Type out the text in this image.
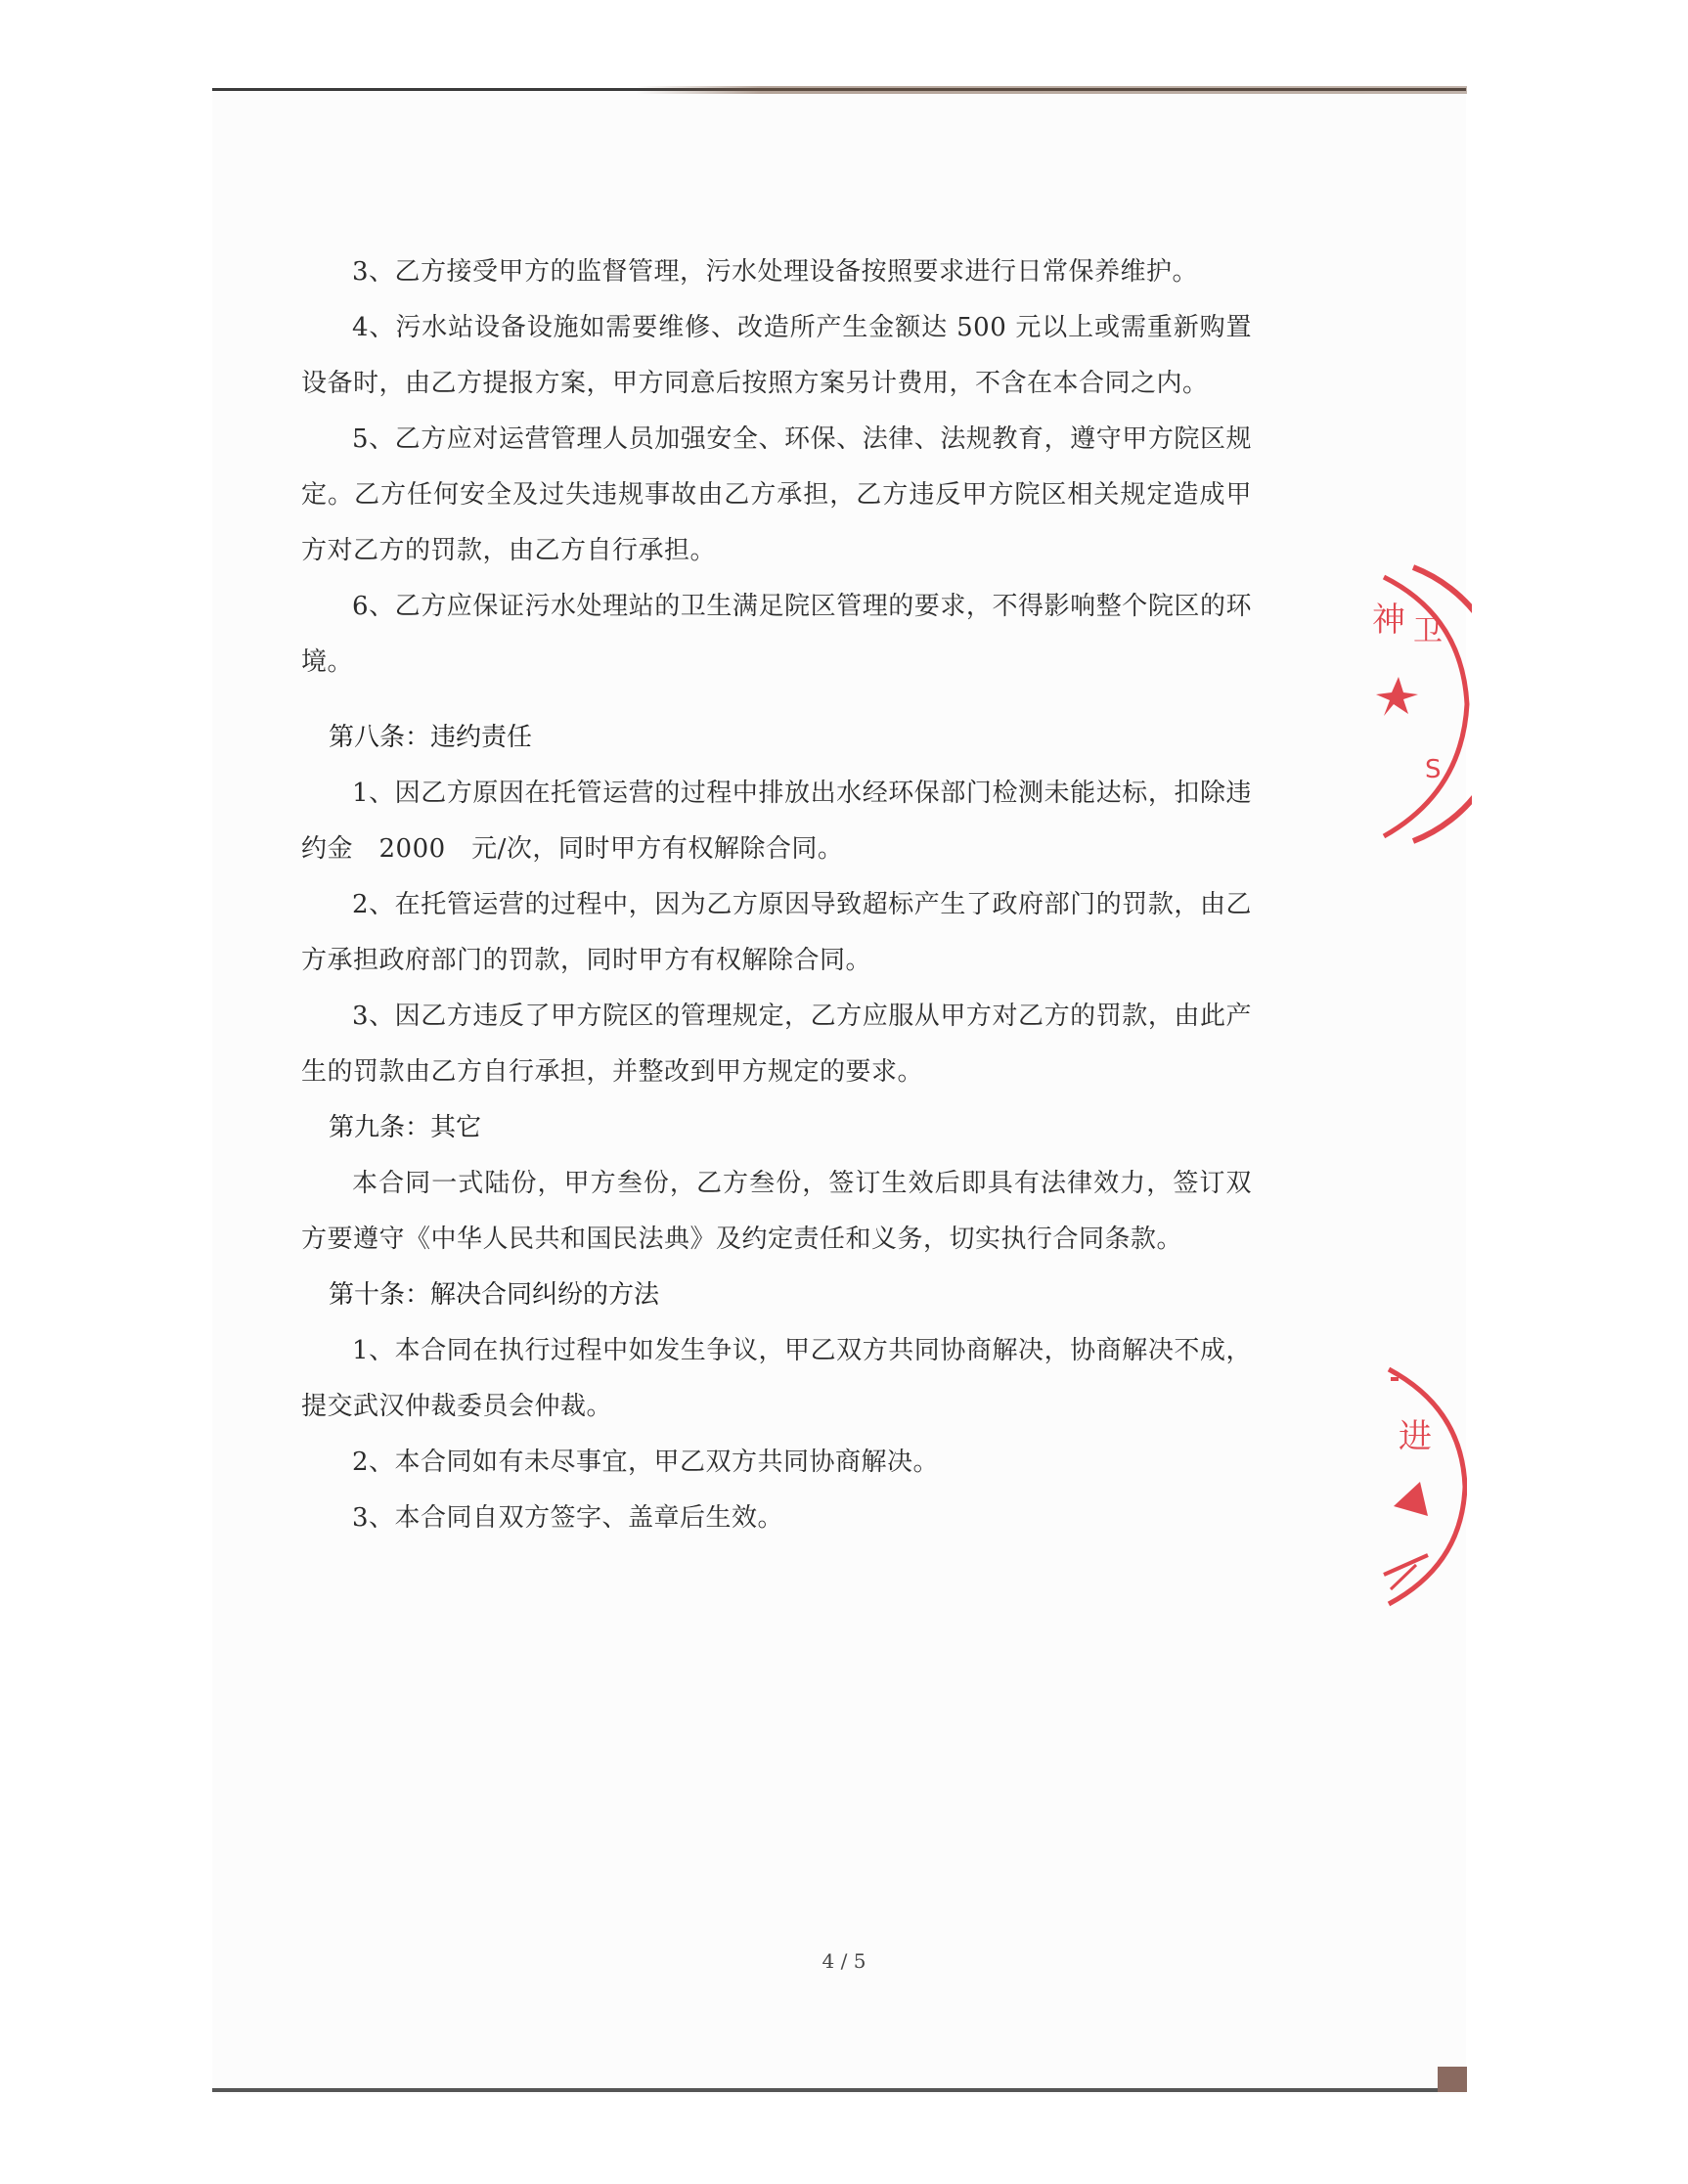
3、乙方接受甲方的监督管理，污水处理设备按照要求进行日常保养维护。

4、污水站设备设施如需要维修、改造所产生金额达 500 元以上或需重新购置设备时，由乙方提报方案，甲方同意后按照方案另计费用，不含在本合同之内。

5、乙方应对运营管理人员加强安全、环保、法律、法规教育，遵守甲方院区规定。乙方任何安全及过失违规事故由乙方承担，乙方违反甲方院区相关规定造成甲方对乙方的罚款，由乙方自行承担。

6、乙方应保证污水处理站的卫生满足院区管理的要求，不得影响整个院区的环境。

第八条：违约责任

1、因乙方原因在托管运营的过程中排放出水经环保部门检测未能达标，扣除违约金　2000　元/次，同时甲方有权解除合同。

2、在托管运营的过程中，因为乙方原因导致超标产生了政府部门的罚款，由乙方承担政府部门的罚款，同时甲方有权解除合同。

3、因乙方违反了甲方院区的管理规定，乙方应服从甲方对乙方的罚款，由此产生的罚款由乙方自行承担，并整改到甲方规定的要求。

第九条：其它

本合同一式陆份，甲方叁份，乙方叁份，签订生效后即具有法律效力，签订双方要遵守《中华人民共和国民法典》及约定责任和义务，切实执行合同条款。

第十条：解决合同纠纷的方法

1、本合同在执行过程中如发生争议，甲乙双方共同协商解决，协商解决不成，提交武汉仲裁委员会仲裁。

2、本合同如有未尽事宜，甲乙双方共同协商解决。

3、本合同自双方签字、盖章后生效。

神 卫
S
进
4 / 5
